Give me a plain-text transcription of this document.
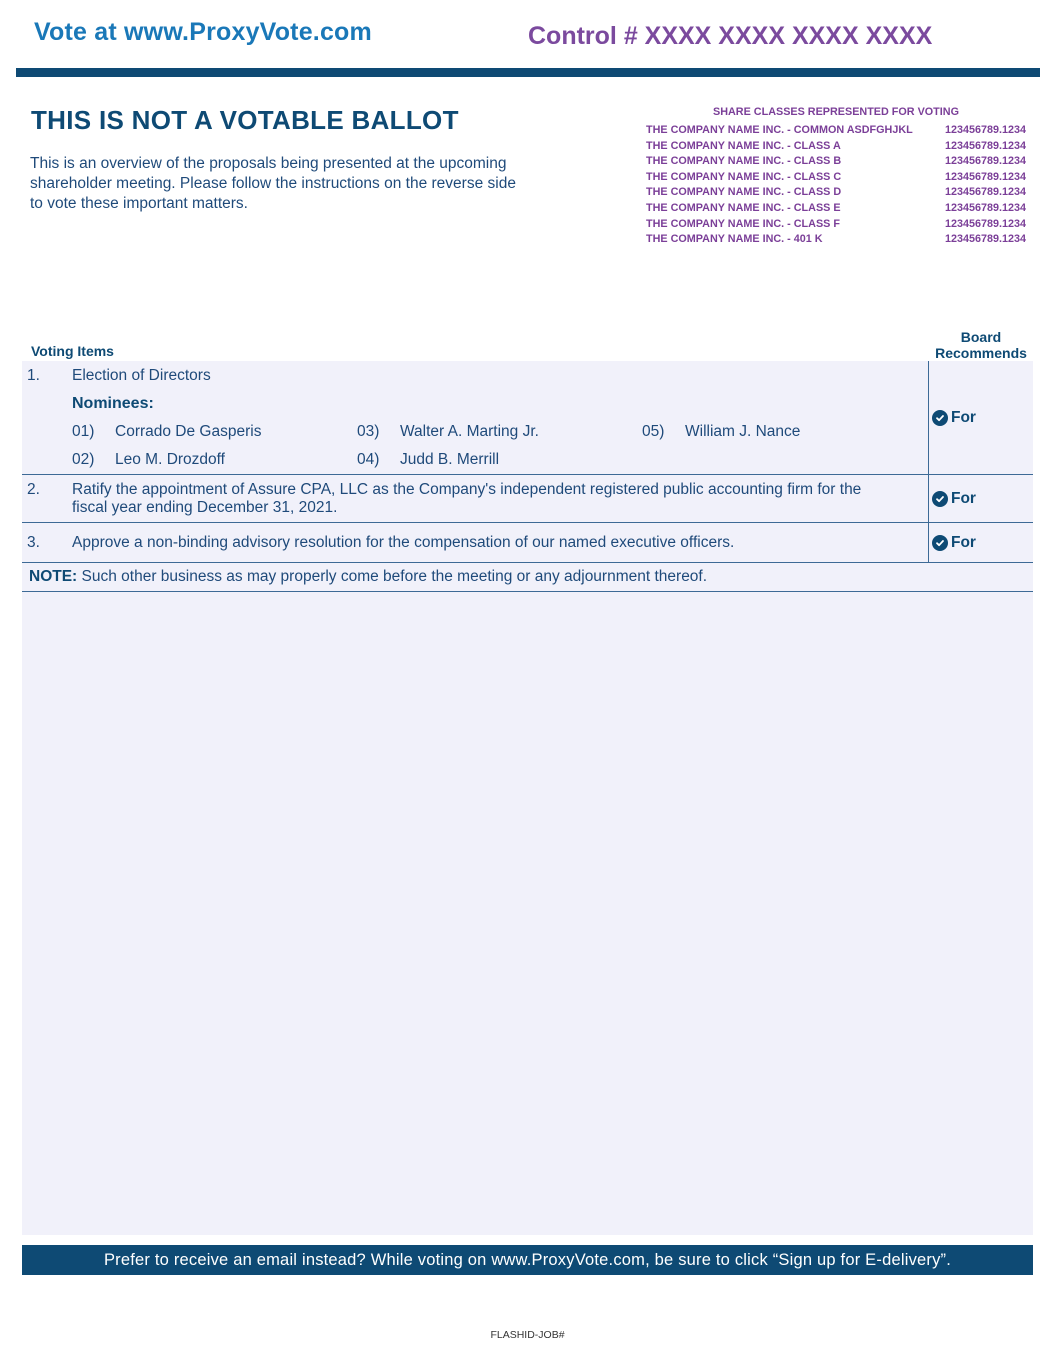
Vote at www.ProxyVote.com	Control # XXXX XXXX XXXX XXXX
THIS IS NOT A VOTABLE BALLOT
This is an overview of the proposals being presented at the upcoming shareholder meeting. Please follow the instructions on the reverse side to vote these important matters.
SHARE CLASSES REPRESENTED FOR VOTING
THE COMPANY NAME INC. - COMMON ASDFGHJKL	123456789.1234
THE COMPANY NAME INC. - CLASS A	123456789.1234
THE COMPANY NAME INC. - CLASS B	123456789.1234
THE COMPANY NAME INC. - CLASS C	123456789.1234
THE COMPANY NAME INC. - CLASS D	123456789.1234
THE COMPANY NAME INC. - CLASS E	123456789.1234
THE COMPANY NAME INC. - CLASS F	123456789.1234
THE COMPANY NAME INC. - 401 K	123456789.1234
Voting Items
Board
Recommends
1. Election of Directors
Nominees:
01) Corrado De Gasperis
02) Leo M. Drozdoff
03) Walter A. Marting Jr.
04) Judd B. Merrill
05) William J. Nance
For
2. Ratify the appointment of Assure CPA, LLC as the Company's independent registered public accounting firm for the
fiscal year ending December 31, 2021.
For
3. Approve a non-binding advisory resolution for the compensation of our named executive officers.	For
NOTE: Such other business as may properly come before the meeting or any adjournment thereof.
Prefer to receive an email instead? While voting on www.ProxyVote.com, be sure to click “Sign up for E-delivery”.
FLASHID-JOB#
